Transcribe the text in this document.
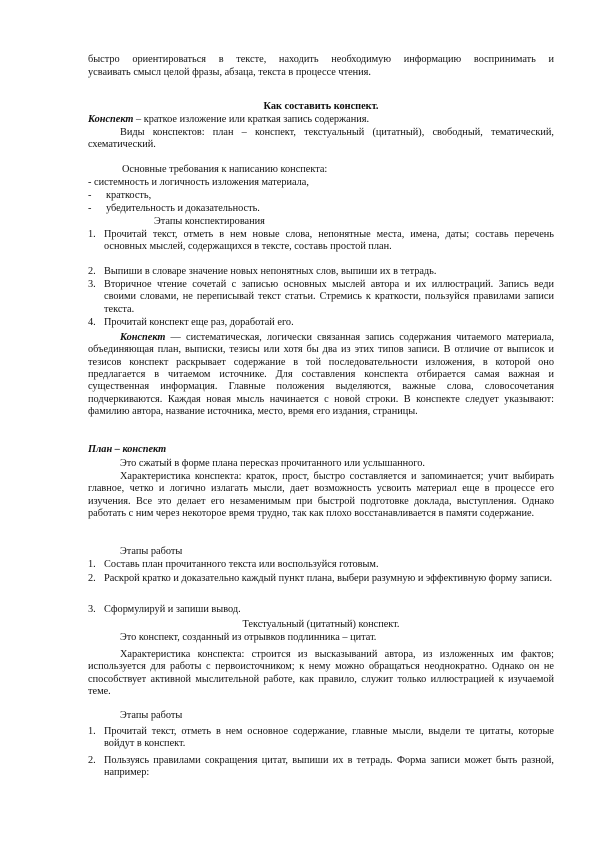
быстро ориентироваться в тексте, находить необходимую информацию воспринимать и

усваивать смысл целой фразы, абзаца, текста в процессе чтения.

Как составить конспект.

Конспект – краткое изложение или краткая запись содержания.

Виды конспектов: план – конспект, текстуальный (цитатный), свободный, тематический, схематический.

Основные требования к написанию конспекта:

- системность и логичность изложения материала,

- краткость,
- убедительность и доказательность.

Этапы конспектирования

1. Прочитай текст, отметь в нем новые слова, непонятные места, имена, даты; составь перечень основных мыслей, содержащихся в тексте, составь простой план.
2. Выпиши в словаре значение новых непонятных слов, выпиши их в тетрадь.
3. Вторичное чтение сочетай с записью основных мыслей автора и их иллюстраций. Запись веди своими словами, не переписывай текст статьи. Стремись к краткости, пользуйся правилами записи текста.
4. Прочитай конспект еще раз, доработай его.

Конспект — систематическая, логически связанная запись содержания читаемого материала, объединяющая план, выписки, тезисы или хотя бы два из этих типов записи. В отличие от выписок и тезисов конспект раскрывает содержание в той последовательности изложения, в которой оно предлагается в читаемом источнике. Для составления конспекта отбирается самая важная и существенная информация. Главные положения выделяются, важные слова, словосочетания подчеркиваются. Каждая новая мысль начинается с новой строки. В конспекте следует указывают: фамилию автора, название источника, место, время его издания, страницы.

План – конспект

Это сжатый в форме плана пересказ прочитанного или услышанного.

Характеристика конспекта: краток, прост, быстро составляется и запоминается; учит выбирать главное, четко и логично излагать мысли, дает возможность усвоить материал еще в процессе его изучения. Все это делает его незаменимым при быстрой подготовке доклада, выступления. Однако работать с ним через некоторое время трудно, так как плохо восстанавливается в памяти содержание.

Этапы работы

1. Составь план прочитанного текста или воспользуйся готовым.
2. Раскрой кратко и доказательно каждый пункт плана, выбери разумную и эффективную форму записи.
3. Сформулируй и запиши вывод.

Текстуальный (цитатный) конспект.

Это конспект, созданный из отрывков подлинника – цитат.

Характеристика конспекта: строится из высказываний автора, из изложенных им фактов; используется для работы с первоисточником; к нему можно обращаться неоднократно. Однако он не способствует активной мыслительной работе, как правило, служит только иллюстрацией к изучаемой теме.

Этапы работы

1. Прочитай текст, отметь в нем основное содержание, главные мысли, выдели те цитаты, которые войдут в конспект.
2. Пользуясь правилами сокращения цитат, выпиши их в тетрадь. Форма записи может быть разной, например:
